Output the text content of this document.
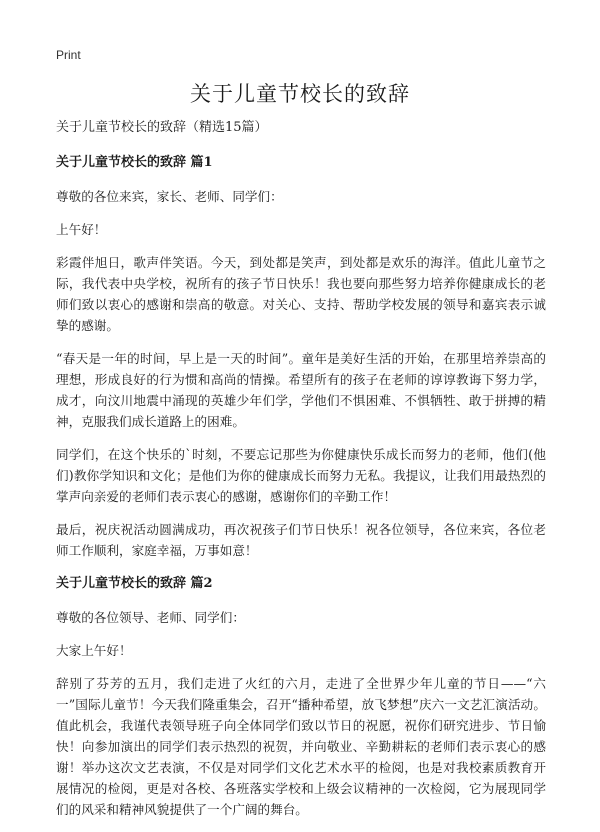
Print
关于儿童节校长的致辞

关于儿童节校长的致辞（精选15篇）

关于儿童节校长的致辞 篇1

尊敬的各位来宾，家长、老师、同学们：

上午好！

彩霞伴旭日，歌声伴笑语。今天，到处都是笑声，到处都是欢乐的海洋。值此儿童节之际，我代表中央学校，祝所有的孩子节日快乐！我也要向那些努力培养你健康成长的老师们致以衷心的感谢和崇高的敬意。对关心、支持、帮助学校发展的领导和嘉宾表示诚挚的感谢。

“春天是一年的时间，早上是一天的时间”。童年是美好生活的开始，在那里培养崇高的理想，形成良好的行为惯和高尚的情操。希望所有的孩子在老师的谆谆教诲下努力学，成才，向汶川地震中涌现的英雄少年们学，学他们不惧困难、不惧牺牲、敢于拼搏的精神，克服我们成长道路上的困难。

同学们，在这个快乐的`时刻，不要忘记那些为你健康快乐成长而努力的老师，他们(他们)教你学知识和文化；是他们为你的健康成长而努力无私。我提议，让我们用最热烈的掌声向亲爱的老师们表示衷心的感谢，感谢你们的辛勤工作！

最后，祝庆祝活动圆满成功，再次祝孩子们节日快乐！祝各位领导，各位来宾，各位老师工作顺利，家庭幸福，万事如意！

关于儿童节校长的致辞 篇2

尊敬的各位领导、老师、同学们：

大家上午好！

辞别了芬芳的五月，我们走进了火红的六月，走进了全世界少年儿童的节日——“六一”国际儿童节！今天我们隆重集会，召开“播种希望，放飞梦想”庆六一文艺汇演活动。值此机会，我谨代表领导班子向全体同学们致以节日的祝愿，祝你们研究进步、节日愉快！向参加演出的同学们表示热烈的祝贺，并向敬业、辛勤耕耘的老师们表示衷心的感谢！举办这次文艺表演，不仅是对同学们文化艺术水平的检阅，也是对我校素质教育开展情况的检阅，更是对各校、各班落实学校和上级会议精神的一次检阅，它为展现同学们的风采和精神风貌提供了一个广阔的舞台。
